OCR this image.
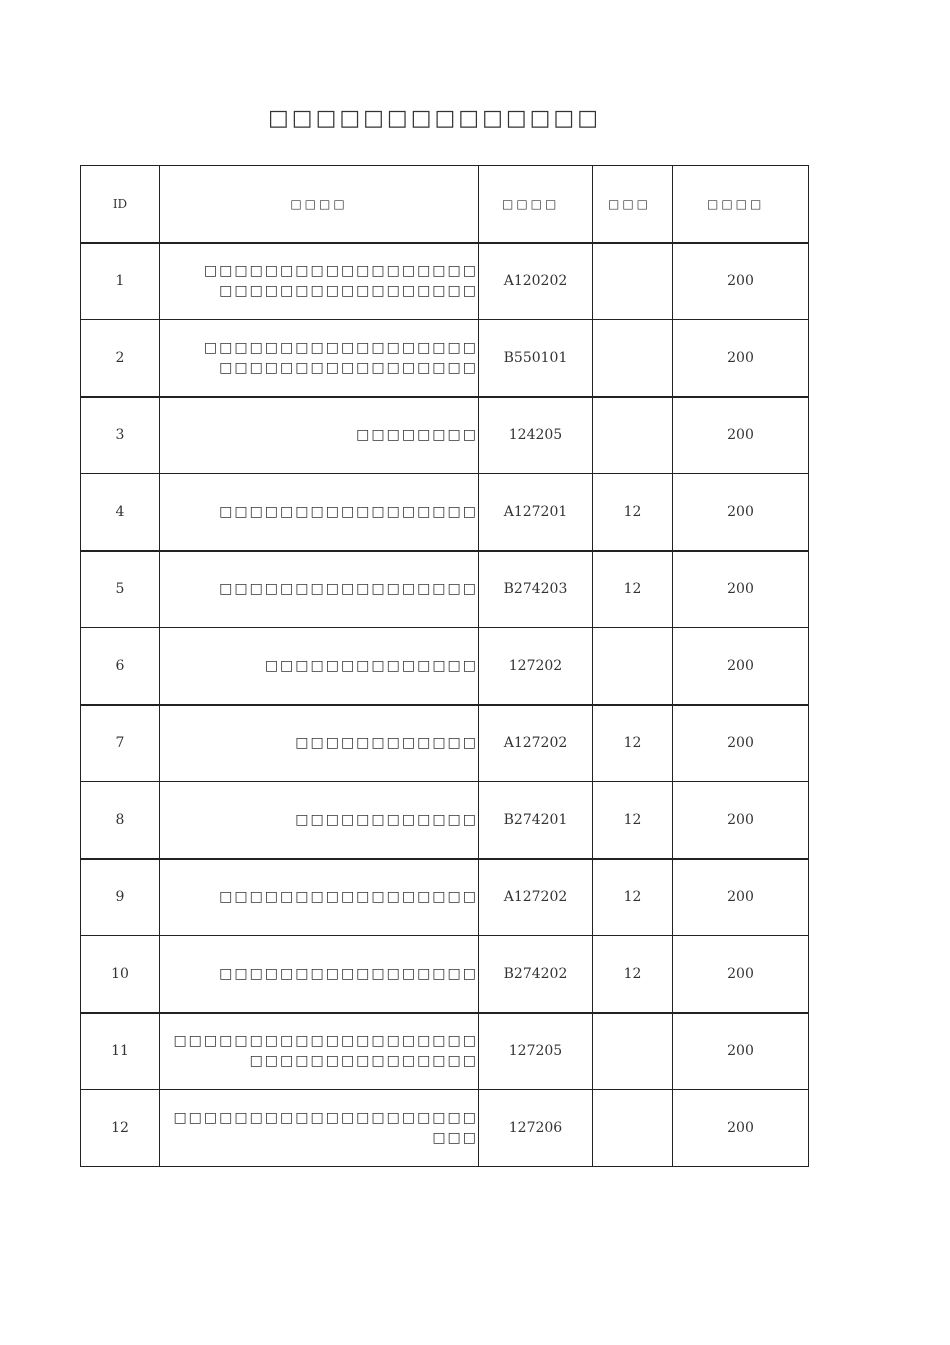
□□□□□□□□□□□□□□
ID	□□□□	□□□□	□□□	□□□□
1	□□□□□□□□□□□□□□□□□□
□□□□□□□□□□□□□□□□□	A120202		200
2	□□□□□□□□□□□□□□□□□□
□□□□□□□□□□□□□□□□□	B550101		200
3	□□□□□□□□	124205		200
4	□□□□□□□□□□□□□□□□□	A127201	12	200
5	□□□□□□□□□□□□□□□□□	B274203	12	200
6	□□□□□□□□□□□□□□	127202		200
7	□□□□□□□□□□□□	A127202	12	200
8	□□□□□□□□□□□□	B274201	12	200
9	□□□□□□□□□□□□□□□□□	A127202	12	200
10	□□□□□□□□□□□□□□□□□	B274202	12	200
11	□□□□□□□□□□□□□□□□□□□□
□□□□□□□□□□□□□□□	127205		200
12	□□□□□□□□□□□□□□□□□□□□
□□□	127206		200
